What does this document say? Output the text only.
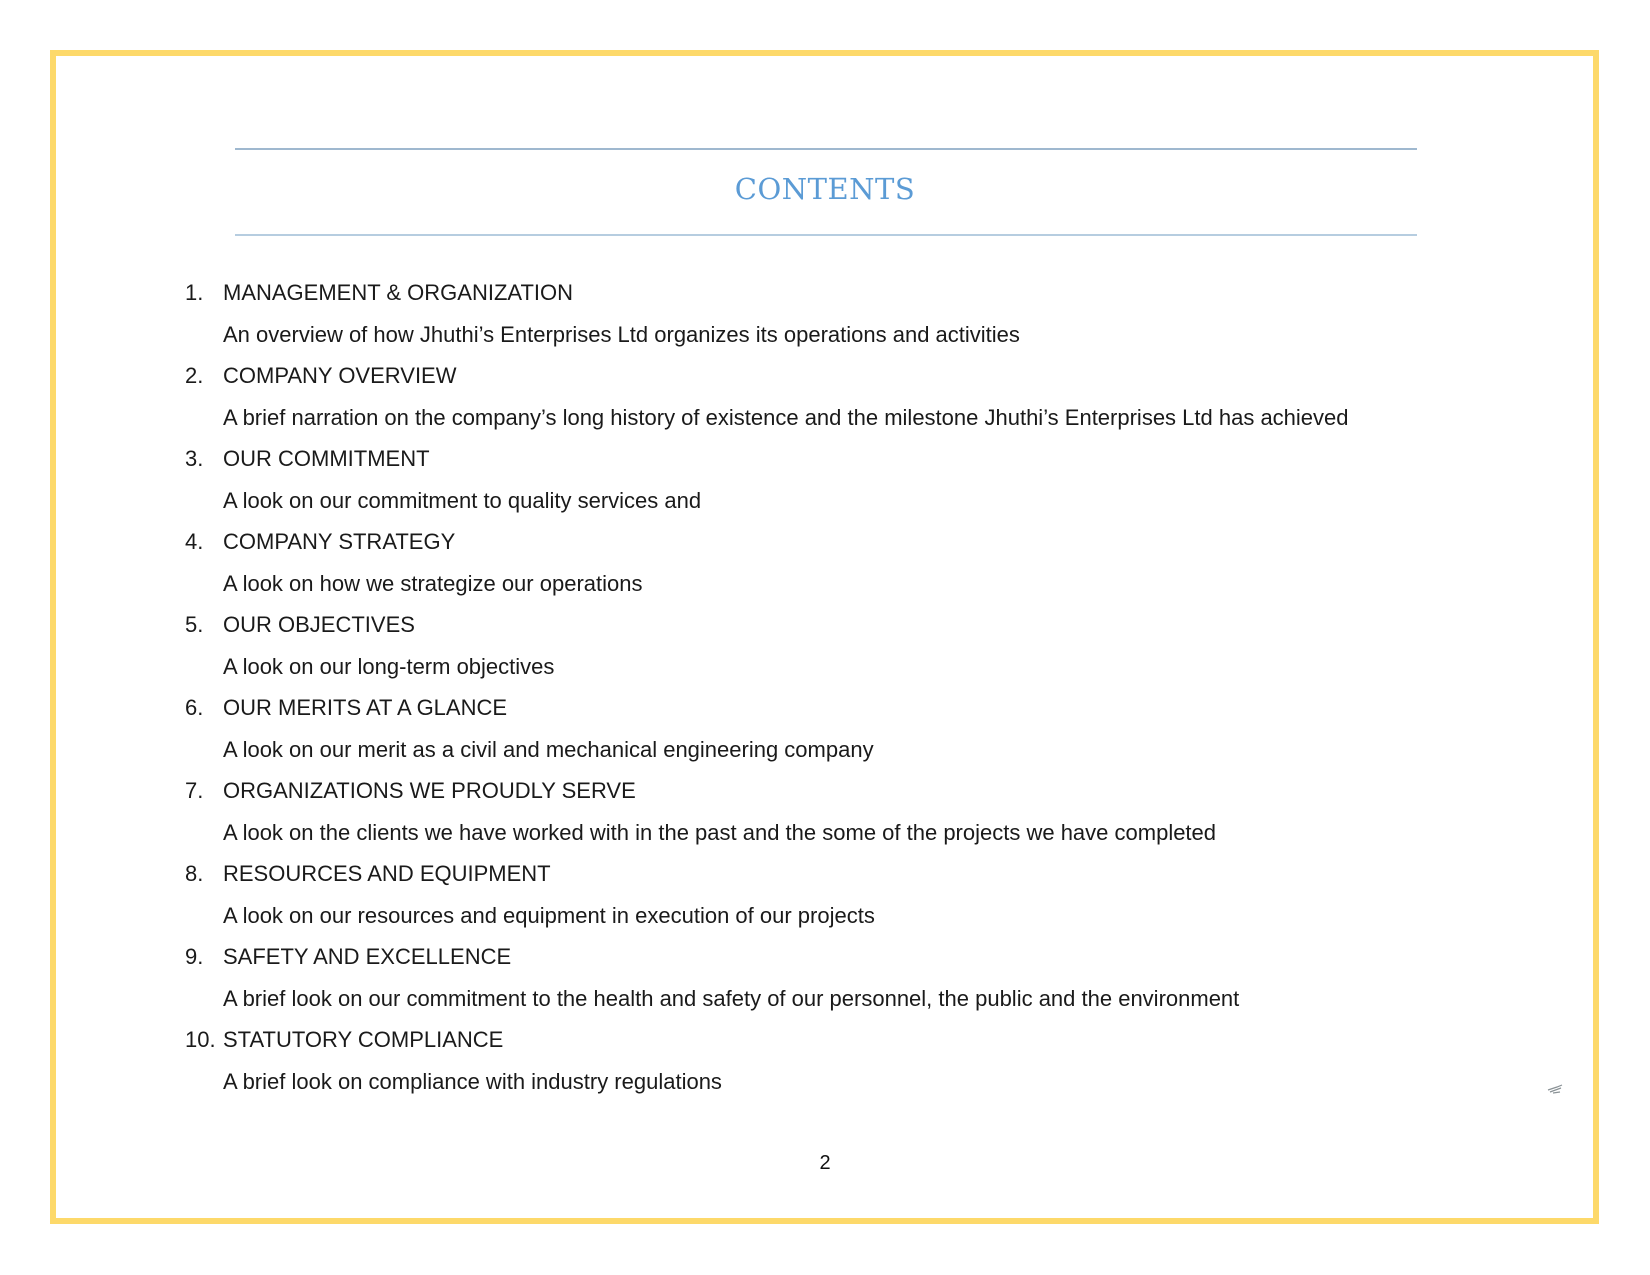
CONTENTS
1. MANAGEMENT & ORGANIZATION
An overview of how Jhuthi’s Enterprises Ltd organizes its operations and activities
2. COMPANY OVERVIEW
A brief narration on the company’s long history of existence and the milestone Jhuthi’s Enterprises Ltd has achieved
3. OUR COMMITMENT
A look on our commitment to quality services and
4. COMPANY STRATEGY
A look on how we strategize our operations
5. OUR OBJECTIVES
A look on our long-term objectives
6. OUR MERITS AT A GLANCE
A look on our merit as a civil and mechanical engineering company
7. ORGANIZATIONS WE PROUDLY SERVE
A look on the clients we have worked with in the past and the some of the projects we have completed
8. RESOURCES AND EQUIPMENT
A look on our resources and equipment in execution of our projects
9. SAFETY AND EXCELLENCE
A brief look on our commitment to the health and safety of our personnel, the public and the environment
10. STATUTORY COMPLIANCE
A brief look on compliance with industry regulations
2
